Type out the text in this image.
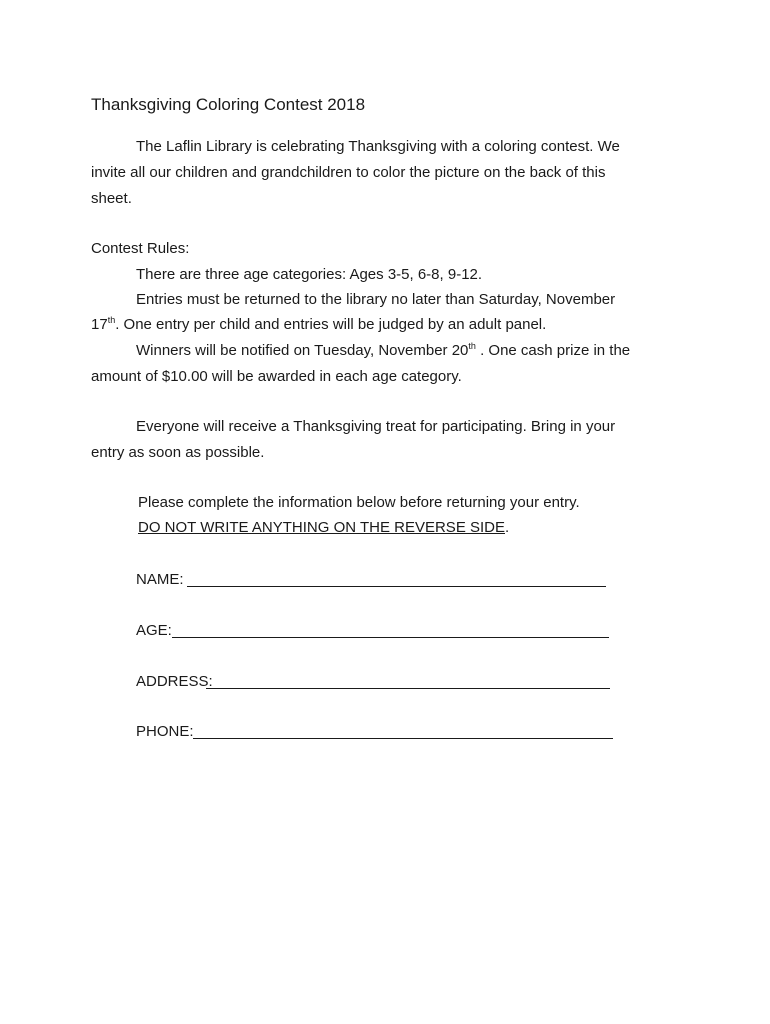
Thanksgiving Coloring Contest 2018
The Laflin Library is celebrating Thanksgiving with a coloring contest. We
invite all our children and grandchildren to color the picture on the back of this
sheet.
Contest Rules:
There are three age categories: Ages 3-5, 6-8, 9-12.
Entries must be returned to the library no later than Saturday, November
17th. One entry per child and entries will be judged by an adult panel.
Winners will be notified on Tuesday, November 20th . One cash prize in the
amount of $10.00 will be awarded in each age category.
Everyone will receive a Thanksgiving treat for participating. Bring in your
entry as soon as possible.
Please complete the information below before returning your entry.
DO NOT WRITE ANYTHING ON THE REVERSE SIDE.
NAME:
AGE:
ADDRESS:
PHONE:
